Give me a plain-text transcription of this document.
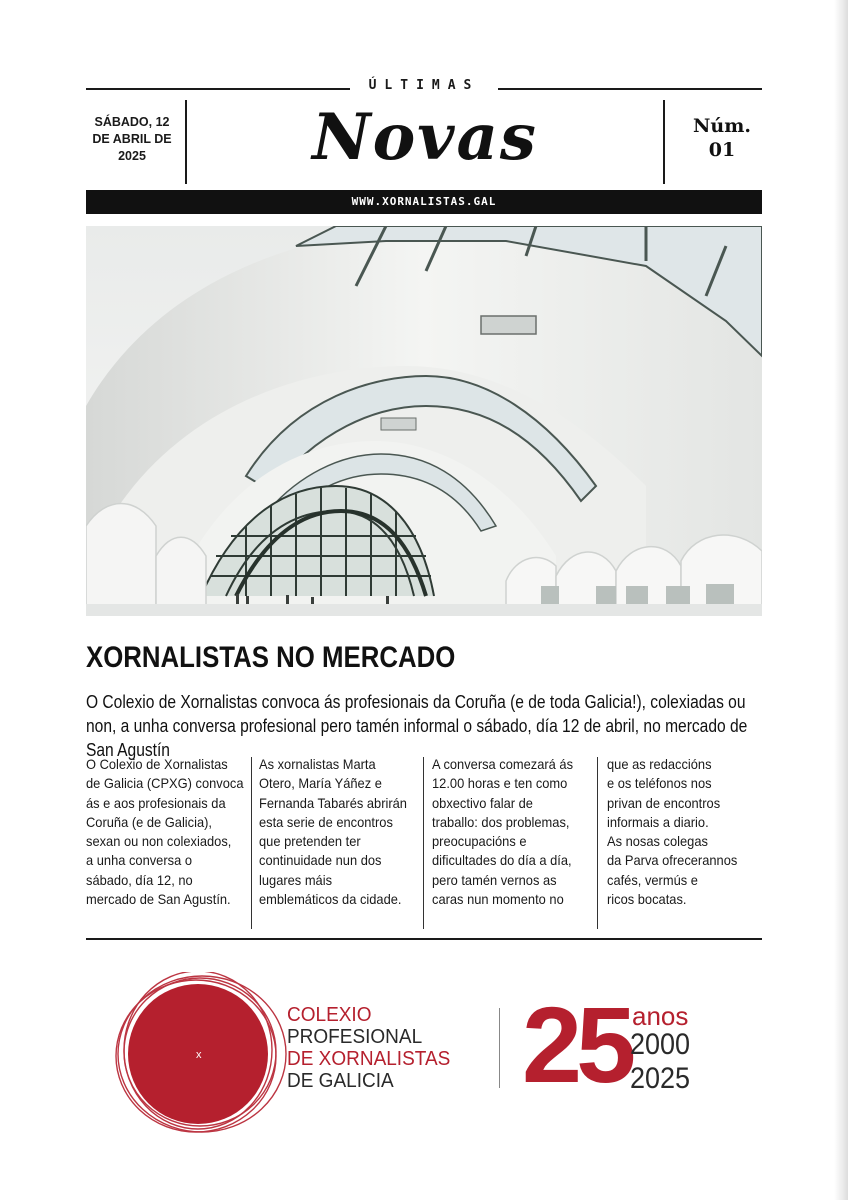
ÚLTIMAS
SÁBADO, 12
DE ABRIL DE
2025	Novas	Núm.
01
WWW.XORNALISTAS.GAL
XORNALISTAS NO MERCADO
O Colexio de Xornalistas convoca ás profesionais da Coruña (e de toda Galicia!), colexiadas ou non, a unha conversa profesional pero tamén informal o sábado, día 12 de abril, no mercado de San Agustín
O Colexio de Xornalistas
de Galicia (CPXG) convoca
ás e aos profesionais da
Coruña (e de Galicia),
sexan ou non colexiados,
a unha conversa o
sábado, día 12, no
mercado de San Agustín.
As xornalistas Marta
Otero, María Yáñez e
Fernanda Tabarés abrirán
esta serie de encontros
que pretenden ter
continuidade nun dos
lugares máis
emblemáticos da cidade.
A conversa comezará ás
12.00 horas e ten como
obxectivo falar de
traballo: dos problemas,
preocupacións e
dificultades do día a día,
pero tamén vernos as
caras nun momento no
que as redaccións
e os teléfonos nos
privan de encontros
informais a diario.
As nosas colegas
da Parva ofrecerannos
cafés, vermús e
ricos bocatas.
x
COLEXIO
PROFESIONAL
DE XORNALISTAS
DE GALICIA	25 anos
2000
2025
